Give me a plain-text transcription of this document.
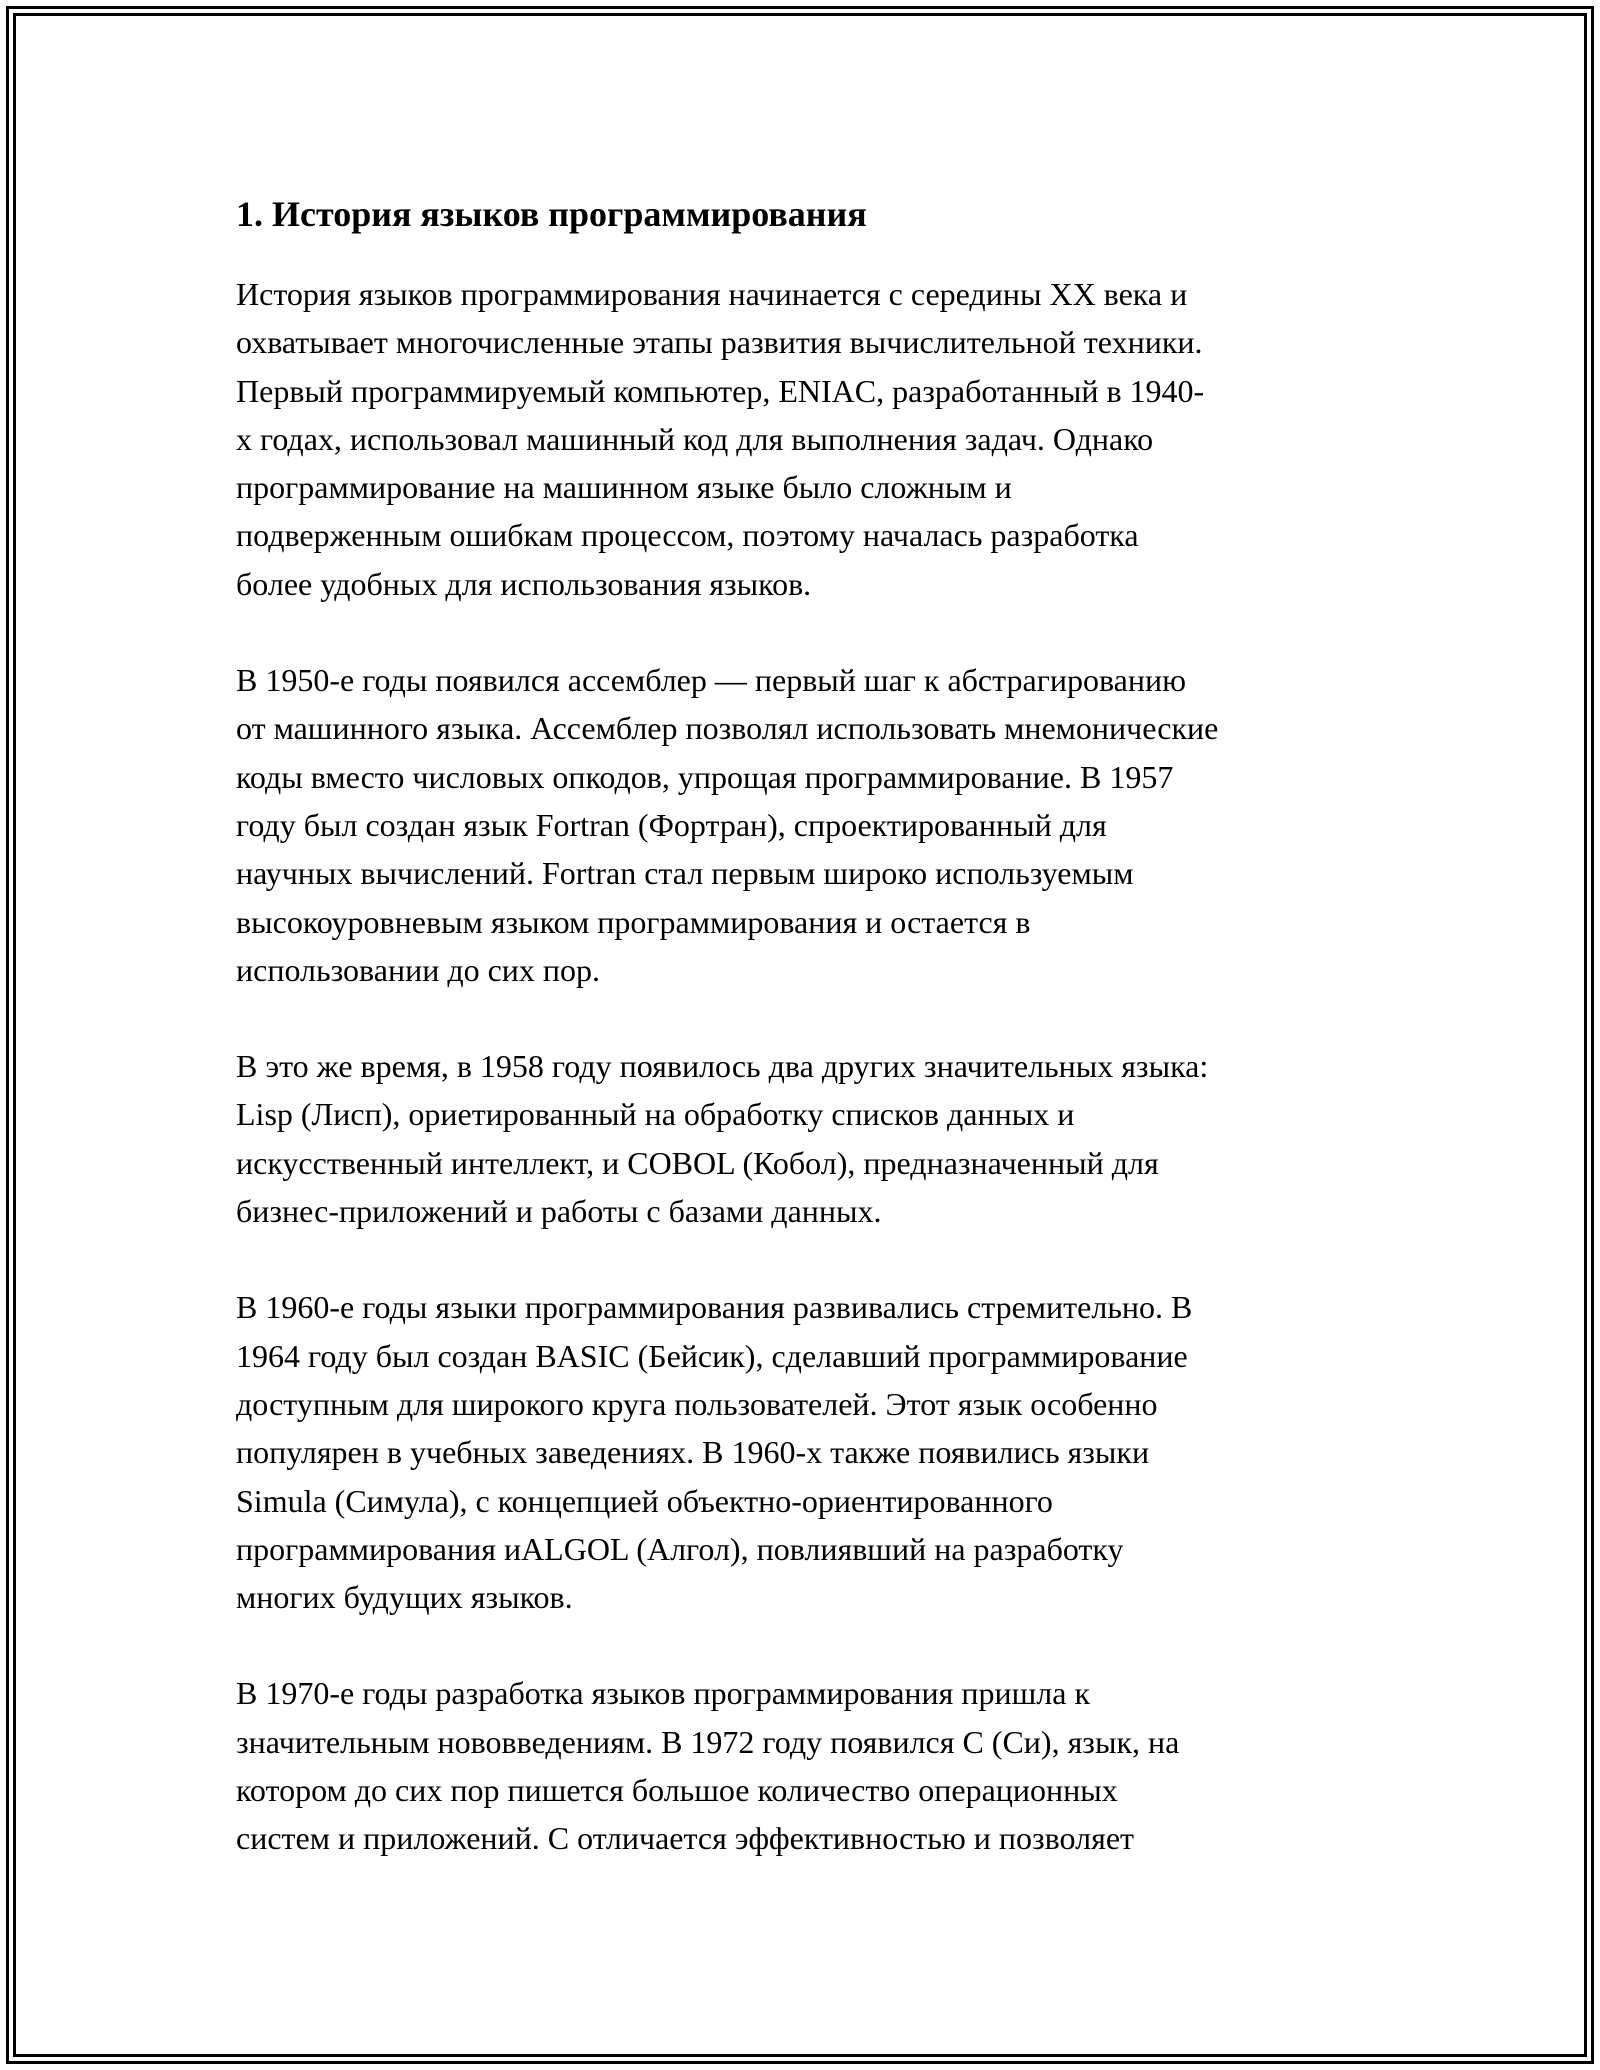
1. История языков программирования

История языков программирования начинается с середины XX века и
охватывает многочисленные этапы развития вычислительной техники.
Первый программируемый компьютер, ENIAC, разработанный в 1940-
х годах, использовал машинный код для выполнения задач. Однако
программирование на машинном языке было сложным и
подверженным ошибкам процессом, поэтому началась разработка
более удобных для использования языков.

В 1950-е годы появился ассемблер — первый шаг к абстрагированию
от машинного языка. Ассемблер позволял использовать мнемонические
коды вместо числовых опкодов, упрощая программирование. В 1957
году был создан язык Fortran (Фортран), спроектированный для
научных вычислений. Fortran стал первым широко используемым
высокоуровневым языком программирования и остается в
использовании до сих пор.

В это же время, в 1958 году появилось два других значительных языка:
Lisp (Лисп), ориетированный на обработку списков данных и
искусственный интеллект, и COBOL (Кобол), предназначенный для
бизнес-приложений и работы с базами данных.

В 1960-е годы языки программирования развивались стремительно. В
1964 году был создан BASIC (Бейсик), сделавший программирование
доступным для широкого круга пользователей. Этот язык особенно
популярен в учебных заведениях. В 1960-х также появились языки
Simula (Симула), с концепцией объектно-ориентированного
программирования иALGOL (Алгол), повлиявший на разработку
многих будущих языков.

В 1970-е годы разработка языков программирования пришла к
значительным нововведениям. В 1972 году появился C (Си), язык, на
котором до сих пор пишется большое количество операционных
систем и приложений. C отличается эффективностью и позволяет
